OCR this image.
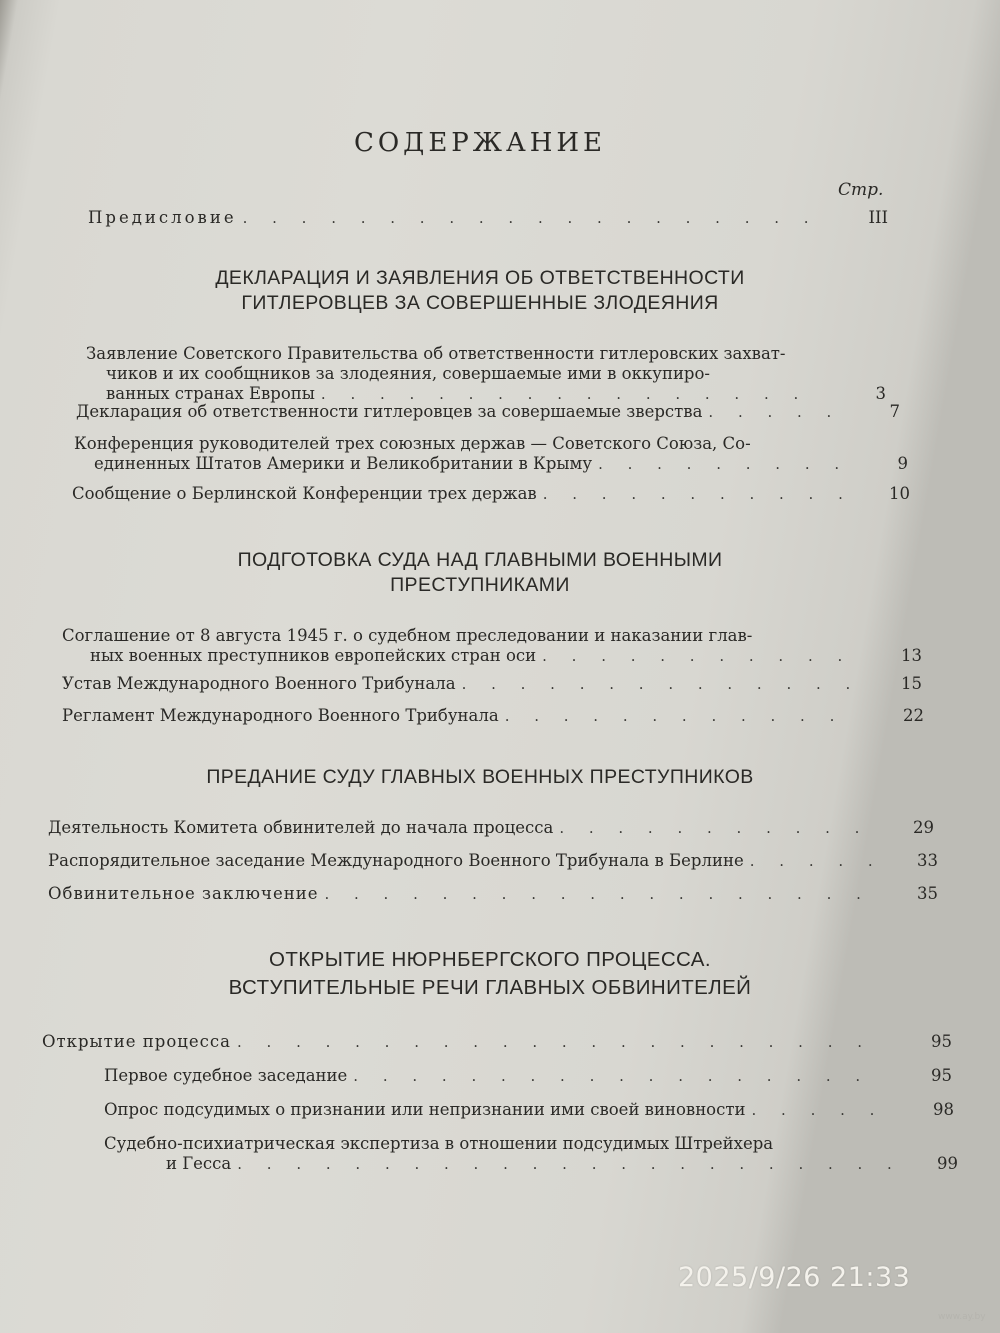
СОДЕРЖАНИЕ
Стр.
Предисловие . . .	III
ДЕКЛАРАЦИЯ И ЗАЯВЛЕНИЯ ОБ ОТВЕТСТВЕННОСТИ
ГИТЛЕРОВЦЕВ ЗА СОВЕРШЕННЫЕ ЗЛОДЕЯНИЯ
Заявление Советского Правительства об ответственности гитлеровских захват-
чиков и их сообщников за злодеяния, совершаемые ими в оккупиро-
ванных странах Европы . . .	3
Декларация об ответственности гитлеровцев за совершаемые зверства . . .	7
Конференция руководителей трех союзных держав — Советского Союза, Со-
единенных Штатов Америки и Великобритании в Крыму . . .	9
Сообщение о Берлинской Конференции трех держав . . .	10
ПОДГОТОВКА СУДА НАД ГЛАВНЫМИ ВОЕННЫМИ
ПРЕСТУПНИКАМИ
Соглашение от 8 августа 1945 г. о судебном преследовании и наказании глав-
ных военных преступников европейских стран оси . . .	13
Устав Международного Военного Трибунала . . .	15
Регламент Международного Военного Трибунала . . .	22
ПРЕДАНИЕ СУДУ ГЛАВНЫХ ВОЕННЫХ ПРЕСТУПНИКОВ
Деятельность Комитета обвинителей до начала процесса . . .	29
Распорядительное заседание Международного Военного Трибунала в Берлине . . .	33
Обвинительное заключение . . .	35
ОТКРЫТИЕ НЮРНБЕРГСКОГО ПРОЦЕССА.
ВСТУПИТЕЛЬНЫЕ РЕЧИ ГЛАВНЫХ ОБВИНИТЕЛЕЙ
Открытие процесса . . .	95
Первое судебное заседание . . .	95
Опрос подсудимых о признании или непризнании ими своей виновности . . .	98
Судебно-психиатрическая экспертиза в отношении подсудимых Штрейхера
и Гесса . . .	99
2025/9/26 21:33
www.ay.by
